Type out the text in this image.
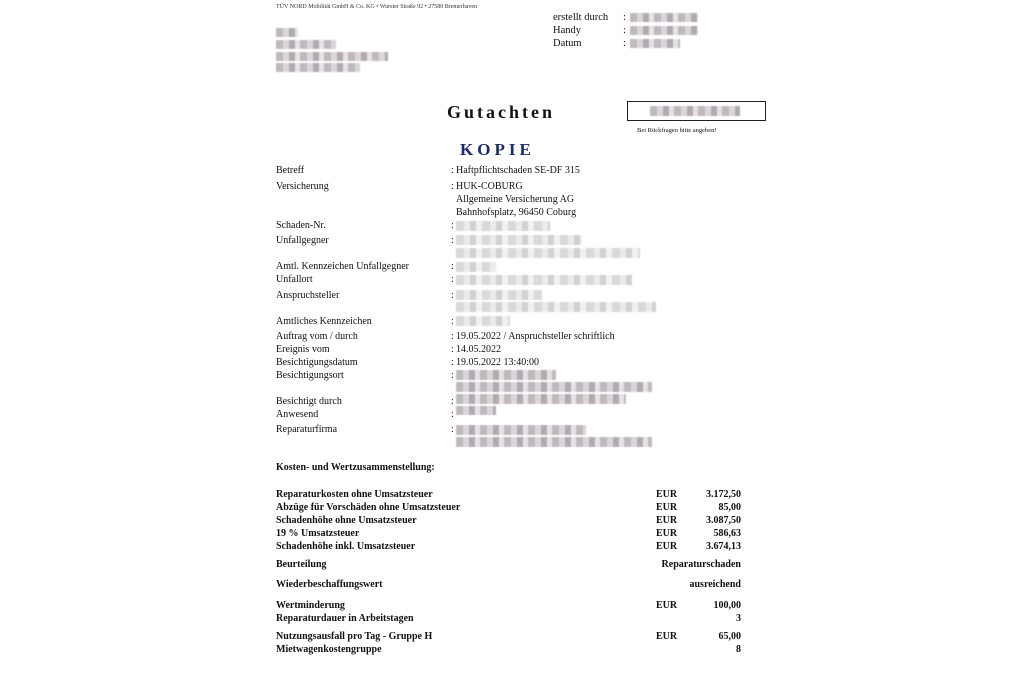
TÜV NORD Mobilität GmbH & Co. KG • Wurster Straße 92 • 27580 Bremerhaven
erstellt durch :
Handy	:
Datum	:
Gutachten
Bei Rückfragen bitte angeben!
KOPIE
Betreff	: Haftpflichtschaden SE-DF 315
Versicherung	: HUK-COBURG
Allgemeine Versicherung AG
Bahnhofsplatz, 96450 Coburg
Schaden-Nr.	:
Unfallgegner	:
Amtl. Kennzeichen Unfallgegner	:
Unfallort	:
Anspruchsteller	:
Amtliches Kennzeichen	:
Auftrag vom / durch	: 19.05.2022 / Anspruchsteller schriftlich
Ereignis vom	: 14.05.2022
Besichtigungsdatum	: 19.05.2022 13:40:00
Besichtigungsort	:
Besichtigt durch	:
Anwesend	:
Reparaturfirma	:
Kosten- und Wertzusammenstellung:
Reparaturkosten ohne Umsatzsteuer	EUR	3.172,50
Abzüge für Vorschäden ohne Umsatzsteuer	EUR	85,00
Schadenhöhe ohne Umsatzsteuer	EUR	3.087,50
19 % Umsatzsteuer	EUR	586,63
Schadenhöhe inkl. Umsatzsteuer	EUR	3.674,13
Beurteilung	Reparaturschaden
Wiederbeschaffungswert	ausreichend
Wertminderung	EUR	100,00
Reparaturdauer in Arbeitstagen	3
Nutzungsausfall pro Tag - Gruppe H	EUR	65,00
Mietwagenkostengruppe	8
